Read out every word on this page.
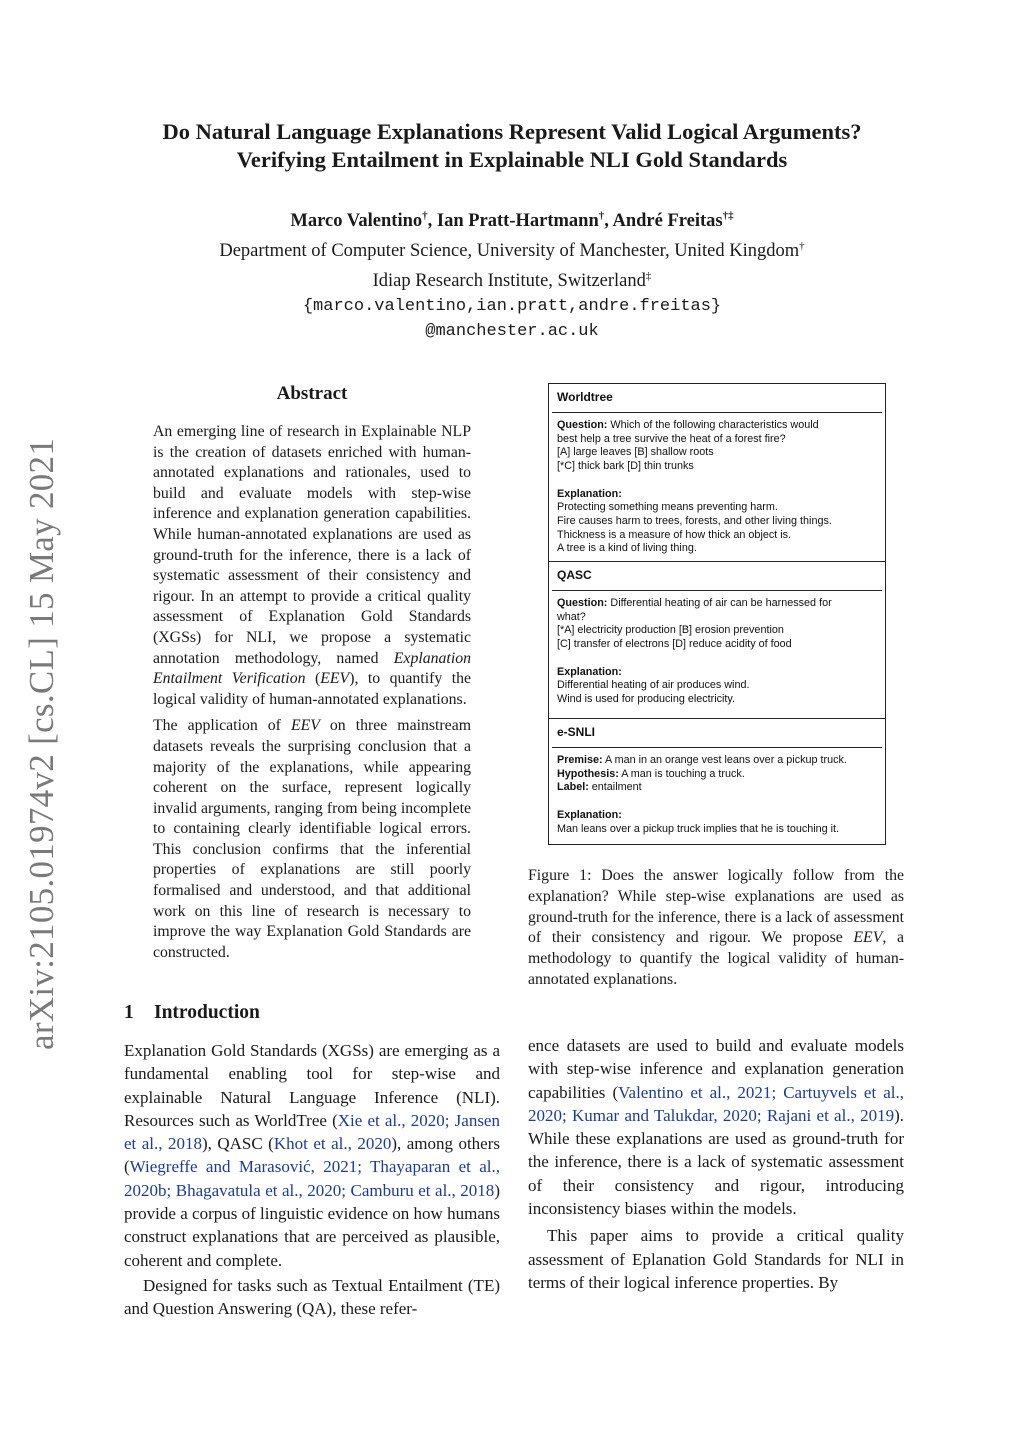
Do Natural Language Explanations Represent Valid Logical Arguments?
Verifying Entailment in Explainable NLI Gold Standards
Marco Valentino†, Ian Pratt-Hartmann†, André Freitas†‡
Department of Computer Science, University of Manchester, United Kingdom†
Idiap Research Institute, Switzerland‡
{marco.valentino,ian.pratt,andre.freitas}
@manchester.ac.uk
arXiv:2105.01974v2 [cs.CL] 15 May 2021
Abstract

An emerging line of research in Explainable NLP is the creation of datasets enriched with human-annotated explanations and rationales, used to build and evaluate models with step-wise inference and explanation generation capabilities. While human-annotated explanations are used as ground-truth for the inference, there is a lack of systematic assessment of their consistency and rigour. In an attempt to provide a critical quality assessment of Explanation Gold Standards (XGSs) for NLI, we propose a systematic annotation methodology, named Explanation Entailment Verification (EEV), to quantify the logical validity of human-annotated explanations.

The application of EEV on three mainstream datasets reveals the surprising conclusion that a majority of the explanations, while appearing coherent on the surface, represent logically invalid arguments, ranging from being incomplete to containing clearly identifiable logical errors. This conclusion confirms that the inferential properties of explanations are still poorly formalised and understood, and that additional work on this line of research is necessary to improve the way Explanation Gold Standards are constructed.

1 Introduction

Explanation Gold Standards (XGSs) are emerging as a fundamental enabling tool for step-wise and explainable Natural Language Inference (NLI). Resources such as WorldTree (Xie et al., 2020; Jansen et al., 2018), QASC (Khot et al., 2020), among others (Wiegreffe and Marasović, 2021; Thayaparan et al., 2020b; Bhagavatula et al., 2020; Camburu et al., 2018) provide a corpus of linguistic evidence on how humans construct explanations that are perceived as plausible, coherent and complete.

Designed for tasks such as Textual Entailment (TE) and Question Answering (QA), these refer-

ence datasets are used to build and evaluate models with step-wise inference and explanation generation capabilities (Valentino et al., 2021; Cartuyvels et al., 2020; Kumar and Talukdar, 2020; Rajani et al., 2019). While these explanations are used as ground-truth for the inference, there is a lack of systematic assessment of their consistency and rigour, introducing inconsistency biases within the models.

This paper aims to provide a critical quality assessment of Eplanation Gold Standards for NLI in terms of their logical inference properties. By

Worldtree
Question: Which of the following characteristics would
best help a tree survive the heat of a forest fire?
[A] large leaves [B] shallow roots
[*C] thick bark [D] thin trunks
Explanation:
Protecting something means preventing harm.
Fire causes harm to trees, forests, and other living things.
Thickness is a measure of how thick an object is.
A tree is a kind of living thing.
QASC
Question: Differential heating of air can be harnessed for
what?
[*A] electricity production [B] erosion prevention
[C] transfer of electrons [D] reduce acidity of food
Explanation:
Differential heating of air produces wind.
Wind is used for producing electricity.
e-SNLI
Premise: A man in an orange vest leans over a pickup truck.
Hypothesis: A man is touching a truck.
Label: entailment
Explanation:
Man leans over a pickup truck implies that he is touching it.
Figure 1: Does the answer logically follow from the explanation? While step-wise explanations are used as ground-truth for the inference, there is a lack of assessment of their consistency and rigour. We propose EEV, a methodology to quantify the logical validity of human-annotated explanations.
